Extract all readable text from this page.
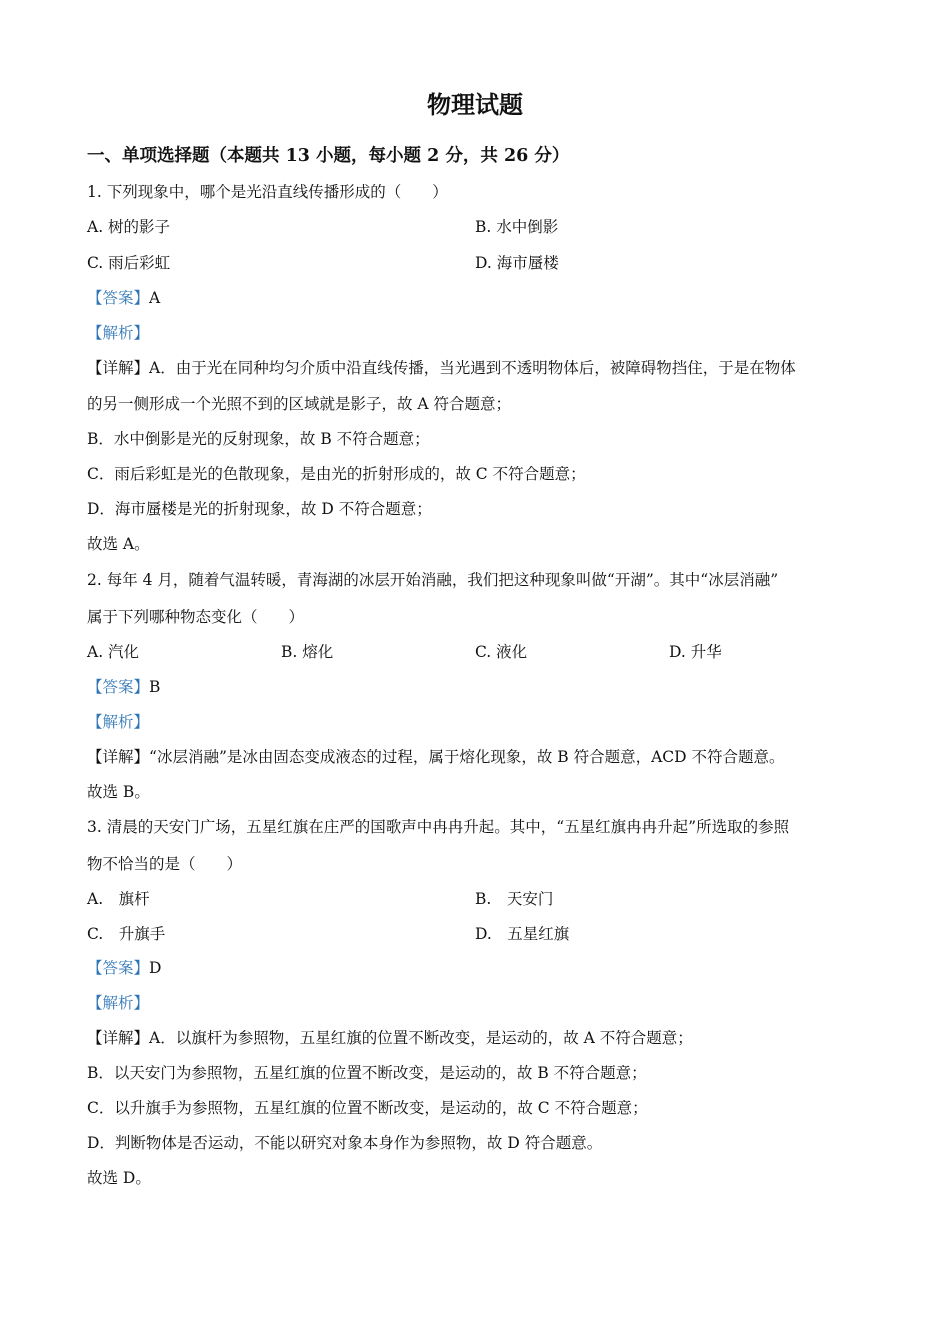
物理试题
一、单项选择题（本题共 13 小题，每小题 2 分，共 26 分）
1. 下列现象中，哪个是光沿直线传播形成的（　　）
A. 树的影子	B. 水中倒影
C. 雨后彩虹	D. 海市蜃楼
【答案】A
【解析】
【详解】A．由于光在同种均匀介质中沿直线传播，当光遇到不透明物体后，被障碍物挡住，于是在物体
的另一侧形成一个光照不到的区域就是影子，故 A 符合题意；
B．水中倒影是光的反射现象，故 B 不符合题意；
C．雨后彩虹是光的色散现象，是由光的折射形成的，故 C 不符合题意；
D．海市蜃楼是光的折射现象，故 D 不符合题意；
故选 A。
2. 每年 4 月，随着气温转暖，青海湖的冰层开始消融，我们把这种现象叫做“开湖”。其中“冰层消融”
属于下列哪种物态变化（　　）
A. 汽化	B. 熔化	C. 液化	D. 升华
【答案】B
【解析】
【详解】“冰层消融”是冰由固态变成液态的过程，属于熔化现象，故 B 符合题意，ACD 不符合题意。
故选 B。
3. 清晨的天安门广场，五星红旗在庄严的国歌声中冉冉升起。其中，“五星红旗冉冉升起”所选取的参照
物不恰当的是（　　）
A.　旗杆	B.　天安门
C.　升旗手	D.　五星红旗
【答案】D
【解析】
【详解】A．以旗杆为参照物，五星红旗的位置不断改变，是运动的，故 A 不符合题意；
B．以天安门为参照物，五星红旗的位置不断改变，是运动的，故 B 不符合题意；
C．以升旗手为参照物，五星红旗的位置不断改变，是运动的，故 C 不符合题意；
D．判断物体是否运动，不能以研究对象本身作为参照物，故 D 符合题意。
故选 D。
